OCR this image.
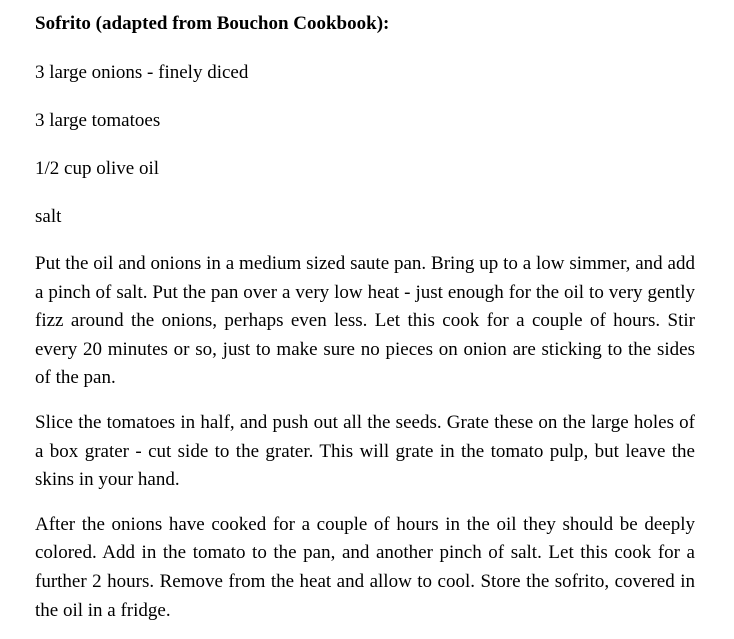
Sofrito (adapted from Bouchon Cookbook):

3 large onions - finely diced

3 large tomatoes

1/2 cup olive oil

salt

Put the oil and onions in a medium sized saute pan. Bring up to a low simmer, and add a pinch of salt. Put the pan over a very low heat - just enough for the oil to very gently fizz around the onions, perhaps even less. Let this cook for a couple of hours. Stir every 20 minutes or so, just to make sure no pieces on onion are sticking to the sides of the pan.

Slice the tomatoes in half, and push out all the seeds. Grate these on the large holes of a box grater - cut side to the grater. This will grate in the tomato pulp, but leave the skins in your hand.

After the onions have cooked for a couple of hours in the oil they should be deeply colored. Add in the tomato to the pan, and another pinch of salt. Let this cook for a further 2 hours. Remove from the heat and allow to cool. Store the sofrito, covered in the oil in a fridge.
